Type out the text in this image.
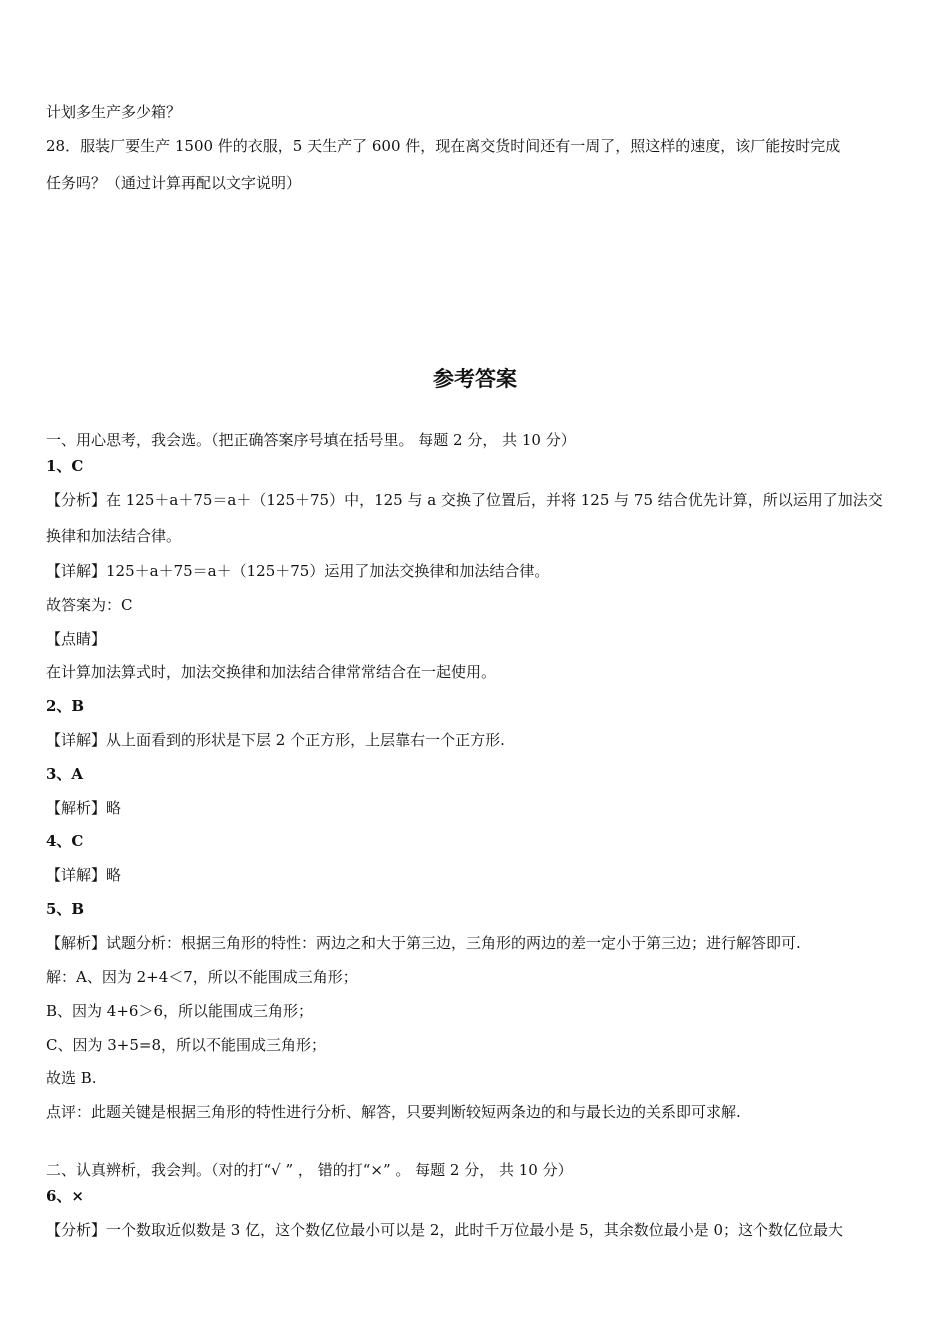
计划多生产多少箱？
28．服装厂要生产 1500 件的衣服，5 天生产了 600 件，现在离交货时间还有一周了，照这样的速度，该厂能按时完成
任务吗？（通过计算再配以文字说明）
参考答案
一、用心思考，我会选。（把正确答案序号填在括号里。 每题 2 分， 共 10 分）
1、C
【分析】在 125＋a＋75＝a＋（125＋75）中，125 与 a 交换了位置后，并将 125 与 75 结合优先计算，所以运用了加法交
换律和加法结合律。
【详解】125＋a＋75＝a＋（125＋75）运用了加法交换律和加法结合律。
故答案为：C
【点睛】
在计算加法算式时，加法交换律和加法结合律常常结合在一起使用。
2、B
【详解】从上面看到的形状是下层 2 个正方形，上层靠右一个正方形.
3、A
【解析】略
4、C
【详解】略
5、B
【解析】试题分析：根据三角形的特性：两边之和大于第三边，三角形的两边的差一定小于第三边；进行解答即可.
解：A、因为 2+4＜7，所以不能围成三角形；
B、因为 4+6＞6，所以能围成三角形；
C、因为 3+5=8，所以不能围成三角形；
故选 B.
点评：此题关键是根据三角形的特性进行分析、解答，只要判断较短两条边的和与最长边的关系即可求解.
二、认真辨析，我会判。（对的打“√ ” ， 错的打“×” 。 每题 2 分， 共 10 分）
6、×
【分析】一个数取近似数是 3 亿，这个数亿位最小可以是 2，此时千万位最小是 5，其余数位最小是 0；这个数亿位最大
